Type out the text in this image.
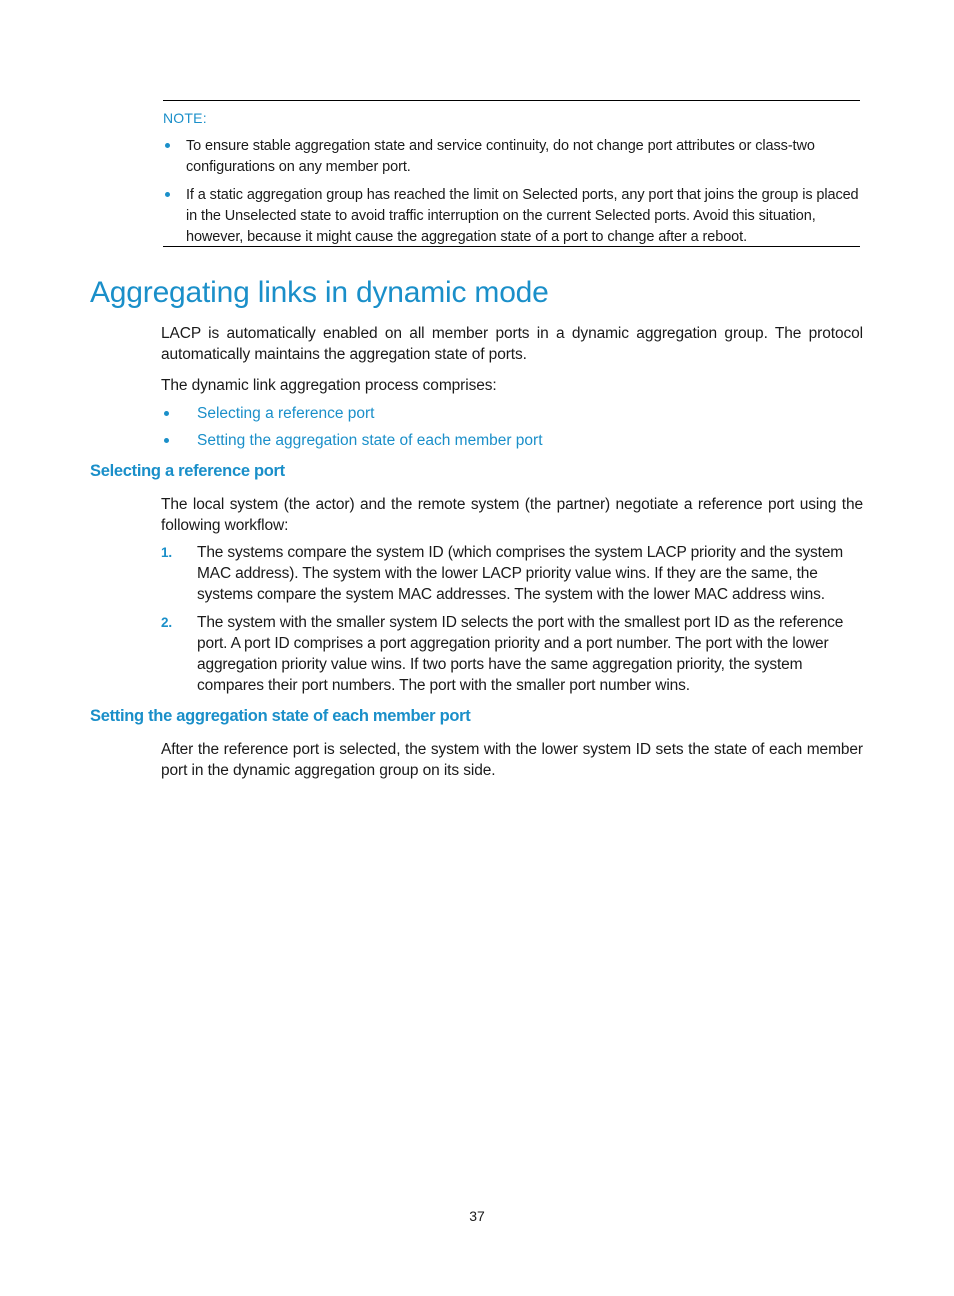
NOTE:
To ensure stable aggregation state and service continuity, do not change port attributes or class-two configurations on any member port.
If a static aggregation group has reached the limit on Selected ports, any port that joins the group is placed in the Unselected state to avoid traffic interruption on the current Selected ports. Avoid this situation, however, because it might cause the aggregation state of a port to change after a reboot.
Aggregating links in dynamic mode

LACP is automatically enabled on all member ports in a dynamic aggregation group. The protocol automatically maintains the aggregation state of ports.

The dynamic link aggregation process comprises:

Selecting a reference port
Setting the aggregation state of each member port
Selecting a reference port

The local system (the actor) and the remote system (the partner) negotiate a reference port using the following workflow:

1. The systems compare the system ID (which comprises the system LACP priority and the system MAC address). The system with the lower LACP priority value wins. If they are the same, the systems compare the system MAC addresses. The system with the lower MAC address wins.
2. The system with the smaller system ID selects the port with the smallest port ID as the reference port. A port ID comprises a port aggregation priority and a port number. The port with the lower aggregation priority value wins. If two ports have the same aggregation priority, the system compares their port numbers. The port with the smaller port number wins.
Setting the aggregation state of each member port

After the reference port is selected, the system with the lower system ID sets the state of each member port in the dynamic aggregation group on its side.

37
